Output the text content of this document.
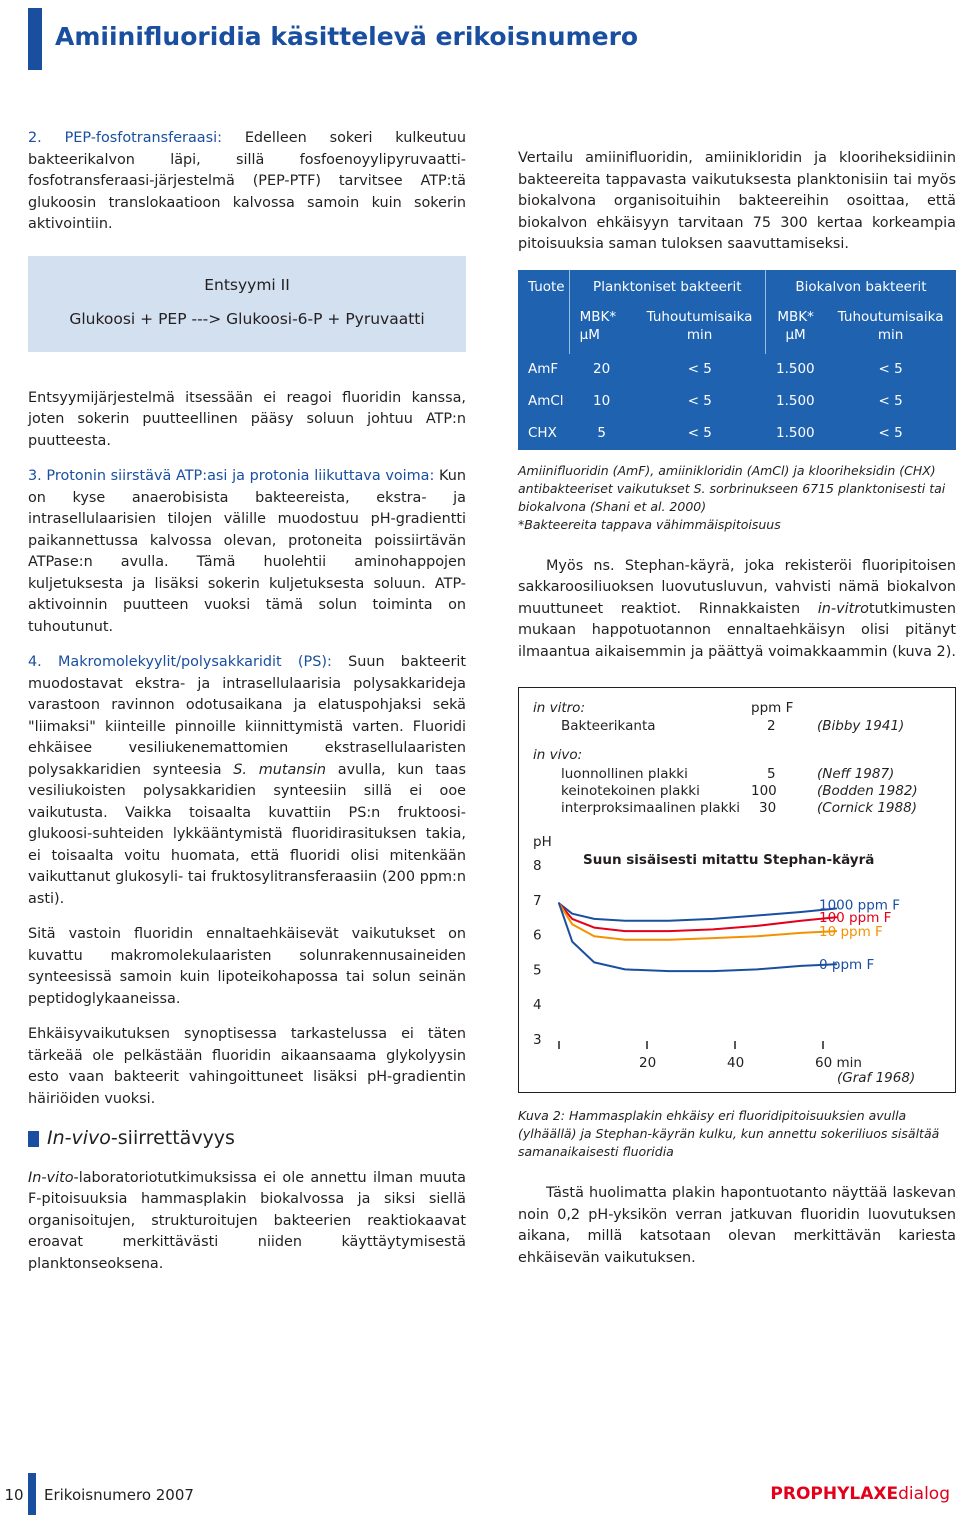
Amiinifluoridia käsittelevä erikoisnumero

2. PEP-fosfotransferaasi: Edelleen sokeri kulkeutuu bakteerikalvon läpi, sillä fosfoenoyylipyruvaatti-fosfotransferaasi-järjestelmä (PEP-PTF) tarvitsee ATP:tä glukoosin translokaatioon kalvossa samoin kuin sokerin aktivointiin.

Entsyymi II
Glukoosi + PEP ---> Glukoosi-6-P + Pyruvaatti

Entsyymijärjestelmä itsessään ei reagoi fluoridin kanssa, joten sokerin puutteellinen pääsy soluun johtuu ATP:n puutteesta.

3. Protonin siirstävä ATP:asi ja protonia liikuttava voima: Kun on kyse anaerobisista bakteereista, ekstra- ja intrasellulaarisien tilojen välille muodostuu pH-gradientti paikannettussa kalvossa olevan, protoneita poissiirtävän ATPase:n avulla. Tämä huolehtii aminohappojen kuljetuksesta ja lisäksi sokerin kuljetuksesta soluun. ATP-aktivoinnin puutteen vuoksi tämä solun toiminta on tuhoutunut.

4. Makromolekyylit/polysakkaridit (PS): Suun bakteerit muodostavat ekstra- ja intrasellulaarisia polysakkarideja varastoon ravinnon odotusaikana ja elatuspohjaksi sekä "liimaksi" kiinteille pinnoille kiinnittymistä varten. Fluoridi ehkäisee vesiliukenemattomien ekstrasellulaaristen polysakkaridien synteesia S. mutansin avulla, kun taas vesiliukoisten polysakkaridien synteesiin sillä ei ooe vaikutusta. Vaikka toisaalta kuvattiin PS:n fruktoosi-glukoosi-suhteiden lykkääntymistä fluoridirasituksen takia, ei toisaalta voitu huomata, että fluoridi olisi mitenkään vaikuttanut glukosyli- tai fruktosylitransferaasiin (200 ppm:n asti).

Sitä vastoin fluoridin ennaltaehkäisevät vaikutukset on kuvattu makromolekulaaristen solunrakennusaineiden synteesissä samoin kuin lipoteikohapossa tai solun seinän peptidoglykaaneissa.

Ehkäisyvaikutuksen synoptisessa tarkastelussa ei täten tärkeää ole pelkästään fluoridin aikaansaama glykolyysin esto vaan bakteerit vahingoittuneet lisäksi pH-gradientin häiriöiden vuoksi.

In-vivo-siirrettävyys

In-vito-laboratoriotutkimuksissa ei ole annettu ilman muuta F-pitoisuuksia hammasplakin biokalvossa ja siksi siellä organisoitujen, strukturoitujen bakteerien reaktiokaavat eroavat merkittävästi niiden käyttäytymisestä planktonseoksena.

Vertailu amiinifluoridin, amiinikloridin ja klooriheksidiinin bakteereita tappavasta vaikutuksesta planktonisiin tai myös biokalvona organisoituihin bakteereihin osoittaa, että biokalvon ehkäisyyn tarvitaan 75 300 kertaa korkeampia pitoisuuksia saman tuloksen saavuttamiseksi.

Tuote	Planktoniset bakteerit		Biokalvon bakteerit	
	MBK* µM	Tuhoutumisaika min	MBK* µM	Tuhoutumisaika min
AmF	20	< 5	1.500	< 5
AmCl	10	< 5	1.500	< 5
CHX	5	< 5	1.500	< 5
Amiinifluoridin (AmF), amiinikloridin (AmCl) ja klooriheksidin (CHX) antibakteeriset vaikutukset S. sorbrinukseen 6715 planktonisesti tai biokalvona (Shani et al. 2000)
*Bakteereita tappava vähimmäispitoisuus

Myös ns. Stephan-käyrä, joka rekisteröi fluoripitoisen sakkaroosiliuoksen luovutusluvun, vahvisti nämä biokalvon muuttuneet reaktiot. Rinnakkaisten in-vitrotutkimusten mukaan happotuotannon ennaltaehkäisyn olisi pitänyt ilmaantua aikaisemmin ja päättyä voimakkaammin (kuva 2).

in vitro:	ppm F
Bakteerikanta	2	(Bibby 1941)
in vivo:
luonnollinen plakki	5	(Neff 1987)
keinotekoinen plakki	100	(Bodden 1982)
interproksimaalinen plakki 30	(Cornick 1988)
pH
Suun sisäisesti mitattu Stephan-käyrä
3
4
5
6
7
8
20	40	60 min
1000 ppm F
100 ppm F
10 ppm F
0 ppm F
(Graf 1968)
Kuva 2: Hammasplakin ehkäisy eri fluoridipitoisuuksien avulla (ylhäällä) ja Stephan-käyrän kulku, kun annettu sokeriliuos sisältää samanaikaisesti fluoridia

Tästä huolimatta plakin hapontuotanto näyttää laskevan noin 0,2 pH-yksikön verran jatkuvan fluoridin luovutuksen aikana, millä katsotaan olevan merkittävän kariesta ehkäisevän vaikutuksen.

10 Erikoisnumero 2007	PROPHYLAXEdialog
